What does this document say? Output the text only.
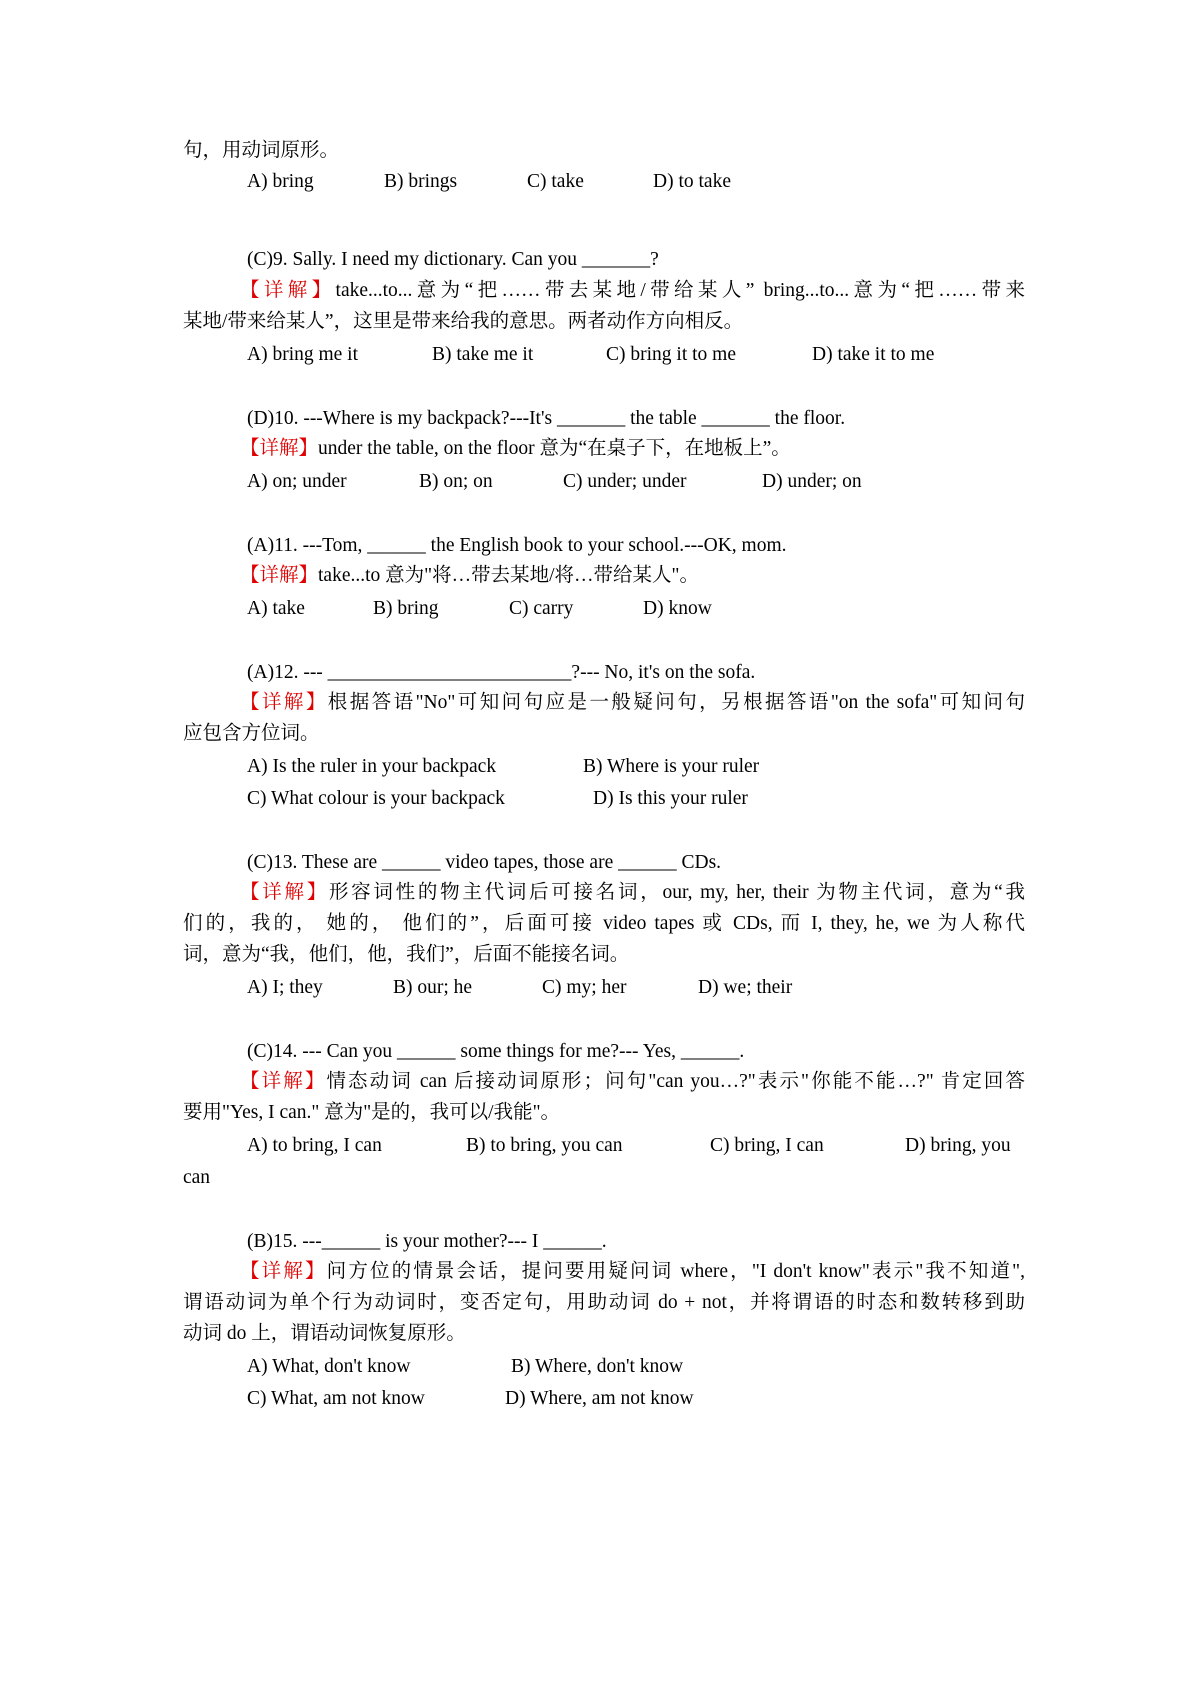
句，用动词原形。
A) bring	B) brings	C) take	D) to take
(C)9. Sally. I need my dictionary. Can you _______?
【详解】take...to...意为“把……带去某地/带给某人” bring...to...意为“把……带来
某地/带来给某人”，这里是带来给我的意思。两者动作方向相反。
A) bring me it	B) take me it	C) bring it to me	D) take it to me
(D)10. ---Where is my backpack?---It's _______ the table _______ the floor.
【详解】under the table, on the floor 意为“在桌子下，在地板上”。
A) on; under	B) on; on	C) under; under	D) under; on
(A)11. ---Tom, ______ the English book to your school.---OK, mom.
【详解】take...to 意为"将…带去某地/将…带给某人"。
A) take	B) bring	C) carry	D) know
(A)12. --- _________________________?--- No, it's on the sofa.
【详解】根据答语"No"可知问句应是一般疑问句，另根据答语"on the sofa"可知问句
应包含方位词。
A) Is the ruler in your backpack	B) Where is your ruler
C) What colour is your backpack	D) Is this your ruler
(C)13. These are ______ video tapes, those are ______ CDs.
【详解】形容词性的物主代词后可接名词，our, my, her, their 为物主代词，意为“我
们的，我的， 她的， 他们的”，后面可接 video tapes 或 CDs, 而 I, they, he, we 为人称代
词，意为“我，他们，他，我们”，后面不能接名词。
A) I; they	B) our; he	C) my; her	D) we; their
(C)14. --- Can you ______ some things for me?--- Yes, ______.
【详解】情态动词 can 后接动词原形；问句"can you…?"表示"你能不能…?" 肯定回答
要用"Yes, I can." 意为"是的，我可以/我能"。
A) to bring, I can	B) to bring, you can	C) bring, I can	D) bring, you
can
(B)15. ---______ is your mother?--- I ______.
【详解】问方位的情景会话，提问要用疑问词 where，"I don't know"表示"我不知道",
谓语动词为单个行为动词时，变否定句，用助动词 do + not，并将谓语的时态和数转移到助
动词 do 上，谓语动词恢复原形。
A) What, don't know	B) Where, don't know
C) What, am not know	D) Where, am not know
